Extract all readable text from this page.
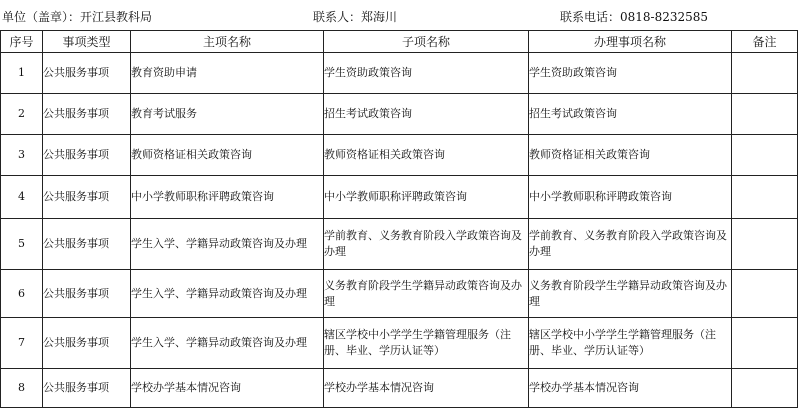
单位（盖章）：开江县教科局	联系人：郑海川	联系电话：0818-8232585
序号	事项类型	主项名称	子项名称	办理事项名称	备注
1	公共服务事项	教育资助申请	学生资助政策咨询	学生资助政策咨询	
2	公共服务事项	教育考试服务	招生考试政策咨询	招生考试政策咨询	
3	公共服务事项	教师资格证相关政策咨询	教师资格证相关政策咨询	教师资格证相关政策咨询	
4	公共服务事项	中小学教师职称评聘政策咨询	中小学教师职称评聘政策咨询	中小学教师职称评聘政策咨询	
5	公共服务事项	学生入学、学籍异动政策咨询及办理	学前教育、义务教育阶段入学政策咨询及办理	学前教育、义务教育阶段入学政策咨询及办理	
6	公共服务事项	学生入学、学籍异动政策咨询及办理	义务教育阶段学生学籍异动政策咨询及办理	义务教育阶段学生学籍异动政策咨询及办理	
7	公共服务事项	学生入学、学籍异动政策咨询及办理	辖区学校中小学学生学籍管理服务（注册、毕业、学历认证等）	辖区学校中小学学生学籍管理服务（注册、毕业、学历认证等）	
8	公共服务事项	学校办学基本情况咨询	学校办学基本情况咨询	学校办学基本情况咨询	
